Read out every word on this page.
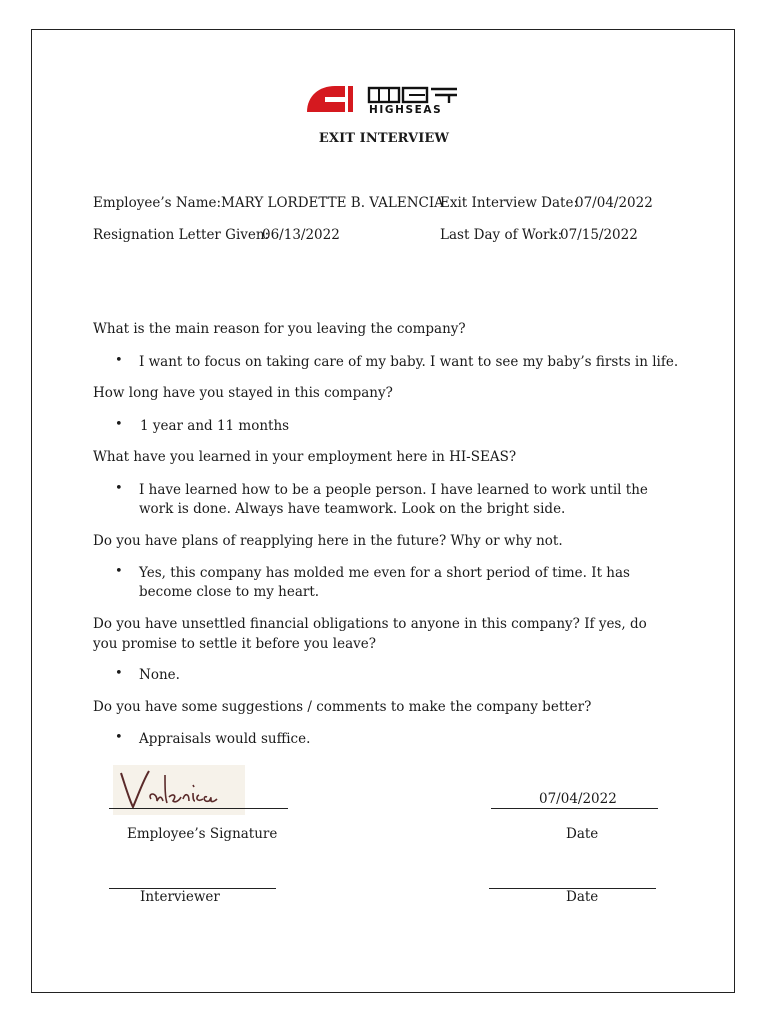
HIGHSEAS
EXIT INTERVIEW
Employee’s Name: MARY LORDETTE B. VALENCIA
Exit Interview Date:
07/04/2022
Resignation Letter Given:
06/13/2022	Last Day of Work:
07/15/2022
What is the main reason for you leaving the company?
• I want to focus on taking care of my baby. I want to see my baby’s firsts in life.
How long have you stayed in this company?
• 1 year and 11 months
What have you learned in your employment here in HI-SEAS?
• I have learned how to be a people person. I have learned to work until the work is done. Always have teamwork. Look on the bright side.
Do you have plans of reapplying here in the future? Why or why not.
• Yes, this company has molded me even for a short period of time. It has become close to my heart.
Do you have unsettled financial obligations to anyone in this company? If yes, do you promise to settle it before you leave?
• None.
Do you have some suggestions / comments to make the company better?
• Appraisals would suffice.
07/04/2022
Employee’s Signature	Date
Interviewer	Date
